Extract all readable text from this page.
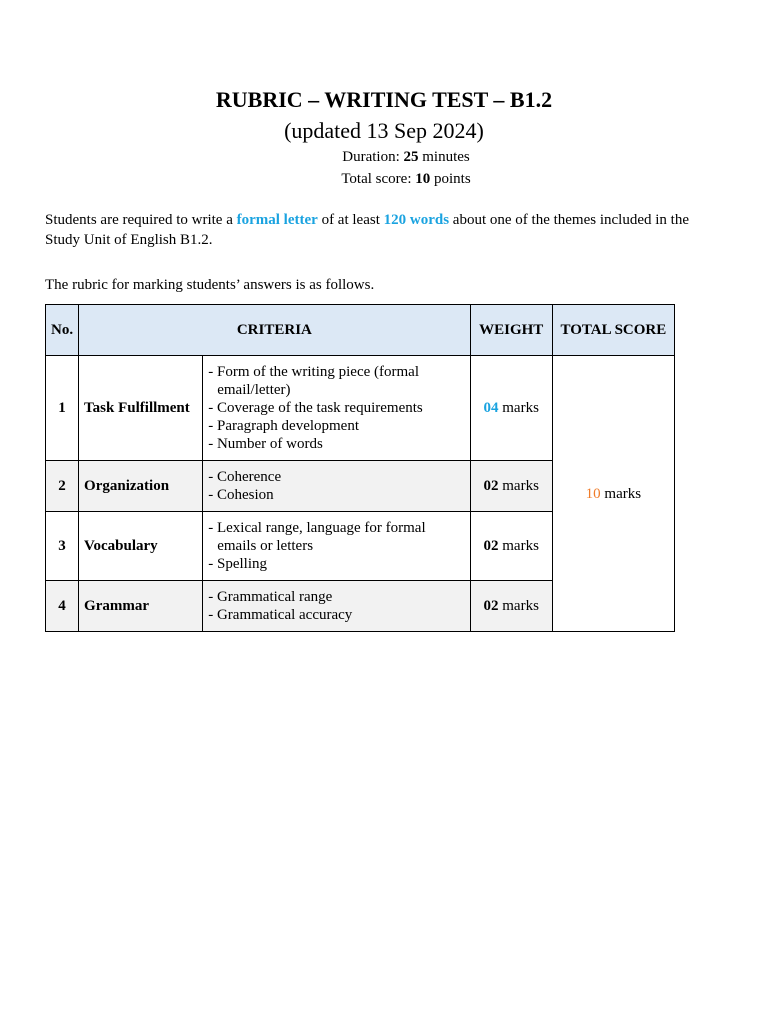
RUBRIC – WRITING TEST – B1.2
(updated 13 Sep 2024)
Duration: 25 minutes
Total score: 10 points
Students are required to write a formal letter of at least 120 words about one of the themes included in the Study Unit of English B1.2.
The rubric for marking students’ answers is as follows.
No.	CRITERIA		WEIGHT	TOTAL SCORE
1	Task Fulfillment	- Form of the writing piece (formal email/letter)
- Coverage of the task requirements
- Paragraph development
- Number of words	04 marks	10 marks
2	Organization	- Coherence
- Cohesion	02 marks	
3	Vocabulary	- Lexical range, language for formal emails or letters
- Spelling	02 marks	
4	Grammar	- Grammatical range
- Grammatical accuracy	02 marks	
